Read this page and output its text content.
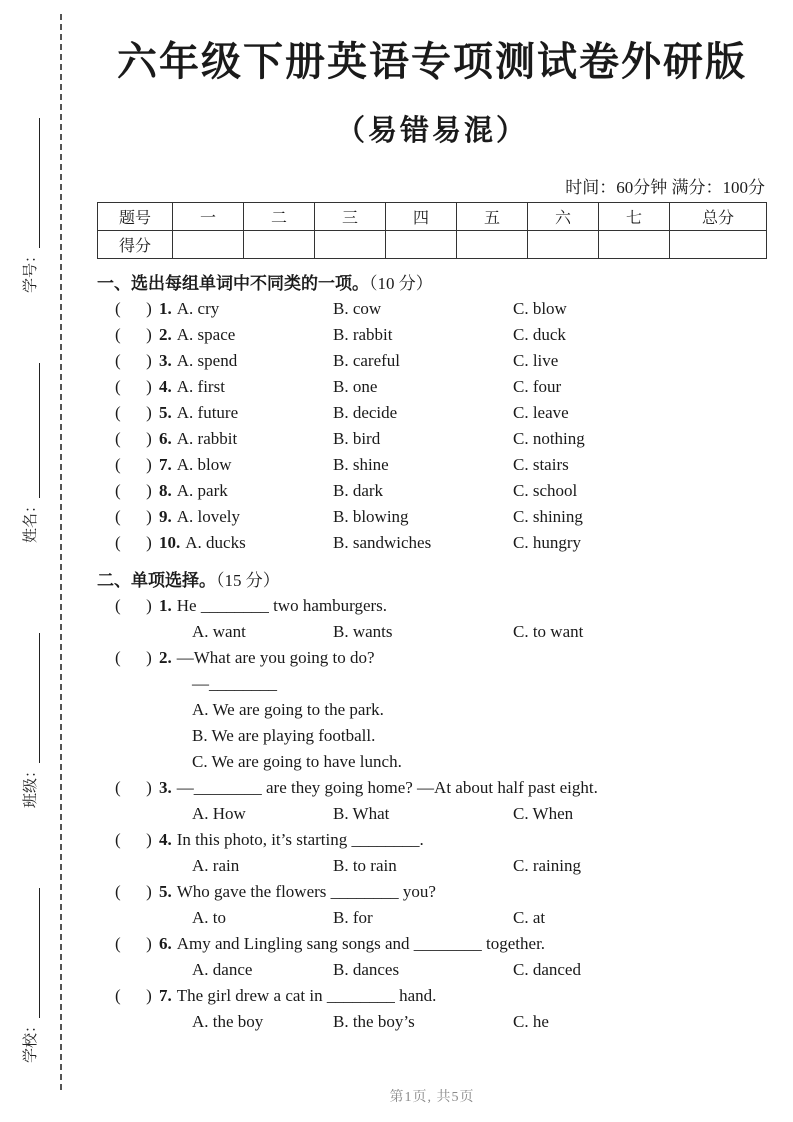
学校：
班级：
姓名：
学号：
六年级下册英语专项测试卷外研版
（易错易混）
时间：60分钟 满分：100分
题号	一	二	三	四	五	六	七	总分
得分								
一、选出每组单词中不同类的一项。（10 分）
(      ) 1. A. cry	B. cow	C. blow
(      ) 2. A. space	B. rabbit	C. duck
(      ) 3. A. spend	B. careful	C. live
(      ) 4. A. first	B. one	C. four
(      ) 5. A. future	B. decide	C. leave
(      ) 6. A. rabbit	B. bird	C. nothing
(      ) 7. A. blow	B. shine	C. stairs
(      ) 8. A. park	B. dark	C. school
(      ) 9. A. lovely	B. blowing	C. shining
(      ) 10. A. ducks	B. sandwiches	C. hungry
二、单项选择。（15 分）
(      ) 1. He ________ two hamburgers.
A. want	B. wants	C. to want
(      ) 2. —What are you going to do?
—________
A. We are going to the park.
B. We are playing football.
C. We are going to have lunch.
(      ) 3. —________ are they going home? —At about half past eight.
A. How	B. What	C. When
(      ) 4. In this photo, it’s starting ________.
A. rain	B. to rain	C. raining
(      ) 5. Who gave the flowers ________ you?
A. to	B. for	C. at
(      ) 6. Amy and Lingling sang songs and ________ together.
A. dance	B. dances	C. danced
(      ) 7. The girl drew a cat in ________ hand.
A. the boy	B. the boy’s	C. he
第1页, 共5页
